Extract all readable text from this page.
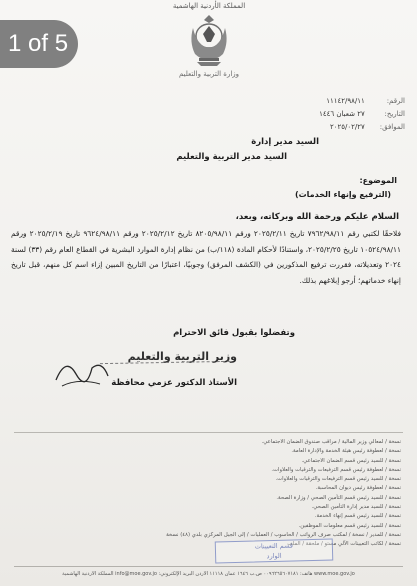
1 of 5
المملكة الأردنية الهاشمية
وزارة التربية والتعليم
الرقم: ١١١٤٢/٩٨/١١
التاريخ: ٢٧ شعبان ١٤٤٦
الموافق: ٢٠٢٥/٠٢/٢٧
السيد مدير إدارة
السيد مدير التربية والتعليم
الموضوع:
(الترفيع وإنهاء الخدمات)
السلام عليكم ورحمة الله وبركاته، وبعد،

فلاحقًا لكتبي رقم ٧٩٦٢/٩٨/١١ تاريخ ٢٠٢٥/٢/١١ ورقم ٨٢٠٥/٩٨/١١ تاريخ ٢٠٢٥/٢/١٢ ورقم ٩٦٢٤/٩٨/١١ تاريخ ٢٠٢٥/٢/١٩ ورقم ١٠٥٢٤/٩٨/١١ تاريخ ٢٠٢٥/٢/٢٥، واستنادًا لأحكام المادة (١١٨/ب) من نظام إدارة الموارد البشرية في القطاع العام رقم (٣٣) لسنة ٢٠٢٤ وتعديلاته، فقررت ترفيع المذكورين في (الكشف المرفق) وجوبيًا، اعتبارًا من التاريخ المبين إزاء اسم كل منهم، قبل تاريخ إنهاء خدماتهم؛ أرجو إبلاغهم بذلك.

وتفضلوا بقبول فائق الاحترام
وزير التربية والتعليم
الأستاذ الدكتور عزمي محافظة
نسخة / لمعالي وزير المالية / مراقب صندوق الضمان الاجتماعي.
نسخة / لعطوفة رئيس هيئة الخدمة والإدارة العامة.
نسخة / للسيد رئيس قسم الضمان الاجتماعي.
نسخة / لعطوفة رئيس قسم الترفيعات والترقيات والعلاوات.
نسخة / للسيد رئيس قسم الترفيعات والترقيات والعلاوات.
نسخة / لعطوفة رئيس ديوان المحاسبة.
نسخة / للسيد رئيس قسم التأمين الصحي / وزارة الصحة.
نسخة / للسيد مدير إدارة التأمين الصحي.
نسخة / للسيد رئيس قسم إنهاء الخدمة.
نسخة / للسيد رئيس قسم معلومات الموظفين.
نسخة / للمدير / نسخة / لمكتب صرف الرواتب / الحاسوب / العمليات / إلى الجيل المركزي بلدي (٤٨) نسخة
نسخة / لكاتب التعيينات الآلي مستو / ملحقة / الملف
قسم التعيينات
الوارد
www.moe.gov.jo هاتف: ٠٠٩٦٢٦٥٦٠٧١٨١ ص.ب ١٦٤٦ عمان ١١١١٨ الأردن البريد الإلكتروني: info@moe.gov.jo المملكة الأردنية الهاشمية
